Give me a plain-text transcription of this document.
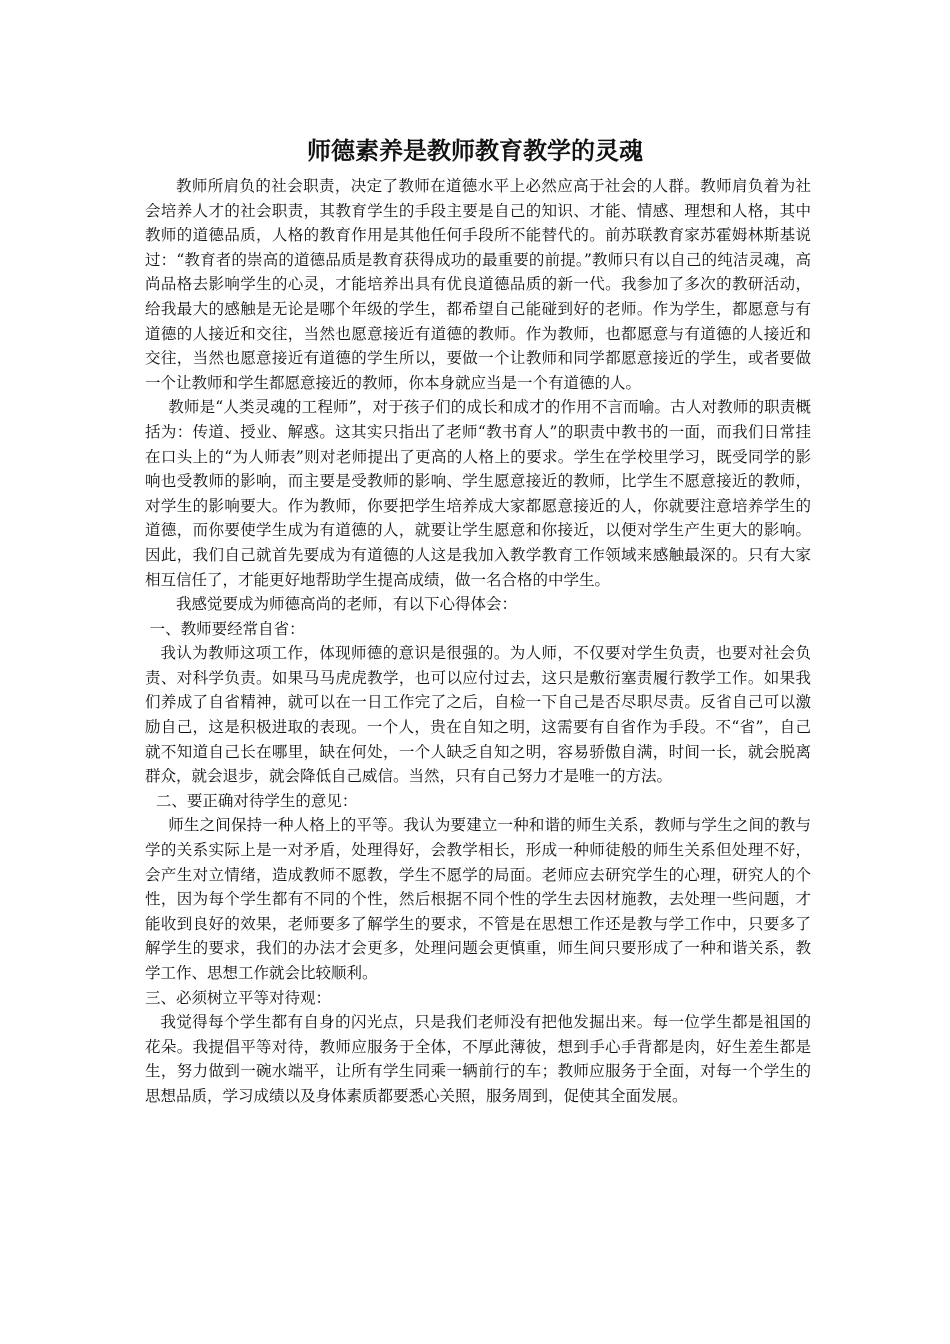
师德素养是教师教育教学的灵魂

教师所肩负的社会职责，决定了教师在道德水平上必然应高于社会的人群。教师肩负着为社会培养人才的社会职责，其教育学生的手段主要是自己的知识、才能、情感、理想和人格，其中教师的道德品质，人格的教育作用是其他任何手段所不能替代的。前苏联教育家苏霍姆林斯基说过：“教育者的崇高的道德品质是教育获得成功的最重要的前提。”教师只有以自己的纯洁灵魂，高尚品格去影响学生的心灵，才能培养出具有优良道德品质的新一代。我参加了多次的教研活动，给我最大的感触是无论是哪个年级的学生，都希望自己能碰到好的老师。作为学生，都愿意与有道德的人接近和交往，当然也愿意接近有道德的教师。作为教师，也都愿意与有道德的人接近和交往，当然也愿意接近有道德的学生所以，要做一个让教师和同学都愿意接近的学生，或者要做一个让教师和学生都愿意接近的教师，你本身就应当是一个有道德的人。

教师是“人类灵魂的工程师”，对于孩子们的成长和成才的作用不言而喻。古人对教师的职责概括为：传道、授业、解惑。这其实只指出了老师“教书育人”的职责中教书的一面，而我们日常挂在口头上的“为人师表”则对老师提出了更高的人格上的要求。学生在学校里学习，既受同学的影响也受教师的影响，而主要是受教师的影响、学生愿意接近的教师，比学生不愿意接近的教师，对学生的影响要大。作为教师，你要把学生培养成大家都愿意接近的人，你就要注意培养学生的道德，而你要使学生成为有道德的人，就要让学生愿意和你接近，以便对学生产生更大的影响。因此，我们自己就首先要成为有道德的人这是我加入教学教育工作领域来感触最深的。只有大家相互信任了，才能更好地帮助学生提高成绩，做一名合格的中学生。

我感觉要成为师德高尚的老师，有以下心得体会：

一、教师要经常自省：

我认为教师这项工作，体现师德的意识是很强的。为人师，不仅要对学生负责，也要对社会负责、对科学负责。如果马马虎虎教学，也可以应付过去，这只是敷衍塞责履行教学工作。如果我们养成了自省精神，就可以在一日工作完了之后，自检一下自己是否尽职尽责。反省自己可以激励自己，这是积极进取的表现。一个人，贵在自知之明，这需要有自省作为手段。不“省”，自己就不知道自己长在哪里，缺在何处，一个人缺乏自知之明，容易骄傲自满，时间一长，就会脱离群众，就会退步，就会降低自己威信。当然，只有自己努力才是唯一的方法。

二、要正确对待学生的意见：

师生之间保持一种人格上的平等。我认为要建立一种和谐的师生关系，教师与学生之间的教与学的关系实际上是一对矛盾，处理得好，会教学相长，形成一种师徒般的师生关系但处理不好，会产生对立情绪，造成教师不愿教，学生不愿学的局面。老师应去研究学生的心理，研究人的个性，因为每个学生都有不同的个性，然后根据不同个性的学生去因材施教，去处理一些问题，才能收到良好的效果，老师要多了解学生的要求，不管是在思想工作还是教与学工作中，只要多了解学生的要求，我们的办法才会更多，处理问题会更慎重，师生间只要形成了一种和谐关系，教学工作、思想工作就会比较顺利。

三、必须树立平等对待观：

我觉得每个学生都有自身的闪光点，只是我们老师没有把他发掘出来。每一位学生都是祖国的花朵。我提倡平等对待，教师应服务于全体，不厚此薄彼，想到手心手背都是肉，好生差生都是生，努力做到一碗水端平，让所有学生同乘一辆前行的车；教师应服务于全面，对每一个学生的思想品质，学习成绩以及身体素质都要悉心关照，服务周到，促使其全面发展。
